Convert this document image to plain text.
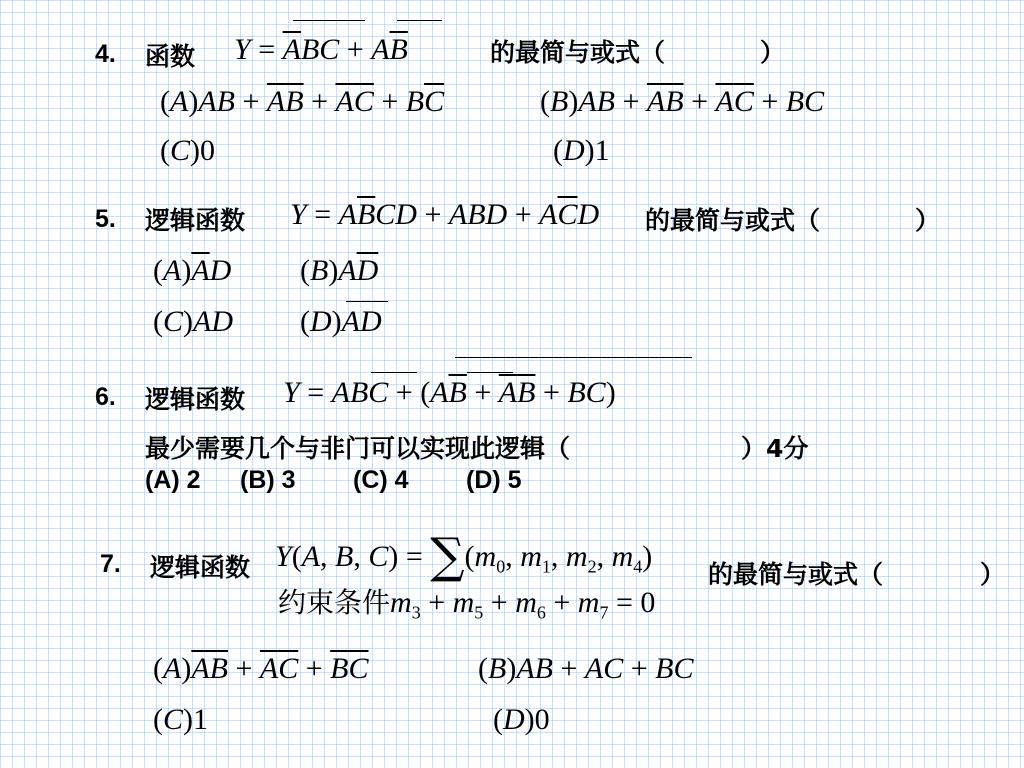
4. 函数 $Y = \overline{A}BC + A\overline{B}$	的最简与或式（	）
$(A)AB + \overline{A}\overline{B} + \overline{A}\overline{C} + B\overline{C}$	$(B)AB + \overline{A}\overline{B} + \overline{A}\overline{C}$ + BC
(C)0	(D)1
5. 逻辑函数 $Y = A\overline{B}CD$ + ABD + $A\overline{C}D$ 的最简与或式（	）
$(A)\overline{A}D$ $(B)A\overline{D}$
(C)AD (D)AD
6. 逻辑函数 Y = ABC + $(A\overline{B} + \overline{A}\overline{B} + BC)$
最少需要几个与非门可以实现此逻辑（	）4分
(A) 2 (B) 3 (C) 4 (D) 5
7. 逻辑函数 Y(A, B, $C) = \sum(m_0$, $m_1$, $m_2$, $m_4$)
约束条件$m_3 + m_5 + m_6 + m_7 = 0$
的最简与或式（	）
$(A)\overline{A}\overline{B} + \overline{A}\overline{C} + \overline{B}\overline{C}$	(B)AB + AC + BC
(C)1	(D)0
